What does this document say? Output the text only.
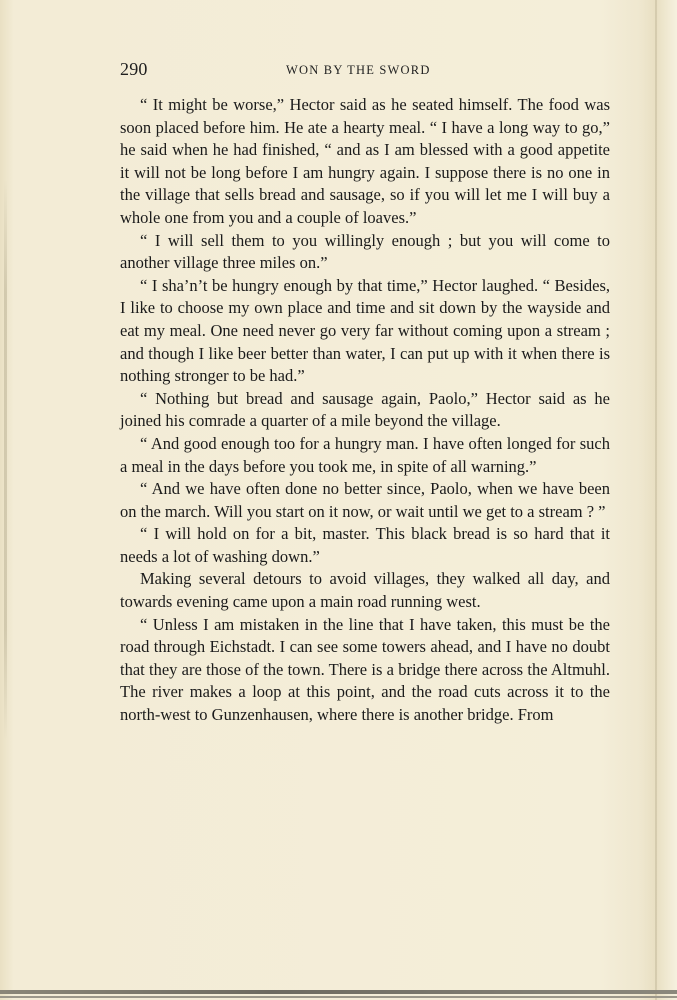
290	WON BY THE SWORD

“ It might be worse,” Hector said as he seated himself. The food was soon placed before him. He ate a hearty meal. “ I have a long way to go,” he said when he had finished, “ and as I am blessed with a good appetite it will not be long before I am hungry again. I suppose there is no one in the village that sells bread and sausage, so if you will let me I will buy a whole one from you and a couple of loaves.”

“ I will sell them to you willingly enough ; but you will come to another village three miles on.”

“ I sha’n’t be hungry enough by that time,” Hector laughed. “ Besides, I like to choose my own place and time and sit down by the wayside and eat my meal. One need never go very far without coming upon a stream ; and though I like beer better than water, I can put up with it when there is nothing stronger to be had.”

“ Nothing but bread and sausage again, Paolo,” Hector said as he joined his comrade a quarter of a mile beyond the village.

“ And good enough too for a hungry man. I have often longed for such a meal in the days before you took me, in spite of all warning.”

“ And we have often done no better since, Paolo, when we have been on the march. Will you start on it now, or wait until we get to a stream ? ”

“ I will hold on for a bit, master. This black bread is so hard that it needs a lot of washing down.”

Making several detours to avoid villages, they walked all day, and towards evening came upon a main road running west.

“ Unless I am mistaken in the line that I have taken, this must be the road through Eichstadt. I can see some towers ahead, and I have no doubt that they are those of the town. There is a bridge there across the Altmuhl. The river makes a loop at this point, and the road cuts across it to the north-west to Gunzenhausen, where there is another bridge. From
